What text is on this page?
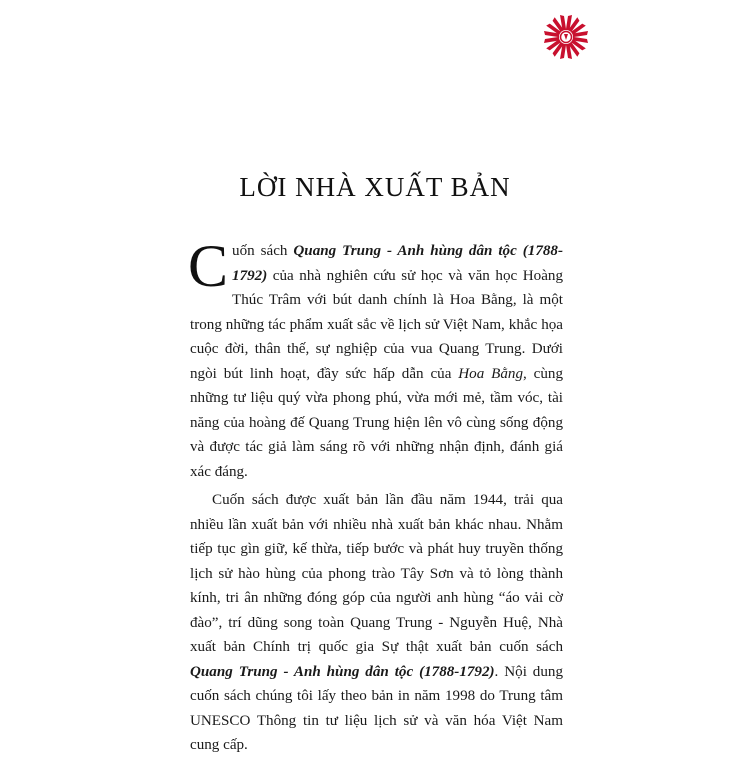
LỜI NHÀ XUẤT BẢN

Cuốn sách Quang Trung - Anh hùng dân tộc (1788-1792) của nhà nghiên cứu sử học và văn học Hoàng Thúc Trâm với bút danh chính là Hoa Bằng, là một trong những tác phẩm xuất sắc về lịch sử Việt Nam, khắc họa cuộc đời, thân thế, sự nghiệp của vua Quang Trung. Dưới ngòi bút linh hoạt, đầy sức hấp dẫn của Hoa Bằng, cùng những tư liệu quý vừa phong phú, vừa mới mẻ, tầm vóc, tài năng của hoàng đế Quang Trung hiện lên vô cùng sống động và được tác giả làm sáng rõ với những nhận định, đánh giá xác đáng.

Cuốn sách được xuất bản lần đầu năm 1944, trải qua nhiều lần xuất bản với nhiều nhà xuất bản khác nhau. Nhằm tiếp tục gìn giữ, kế thừa, tiếp bước và phát huy truyền thống lịch sử hào hùng của phong trào Tây Sơn và tỏ lòng thành kính, tri ân những đóng góp của người anh hùng “áo vải cờ đào”, trí dũng song toàn Quang Trung - Nguyễn Huệ, Nhà xuất bản Chính trị quốc gia Sự thật xuất bản cuốn sách Quang Trung - Anh hùng dân tộc (1788-1792). Nội dung cuốn sách chúng tôi lấy theo bản in năm 1998 do Trung tâm UNESCO Thông tin tư liệu lịch sử và văn hóa Việt Nam cung cấp.
